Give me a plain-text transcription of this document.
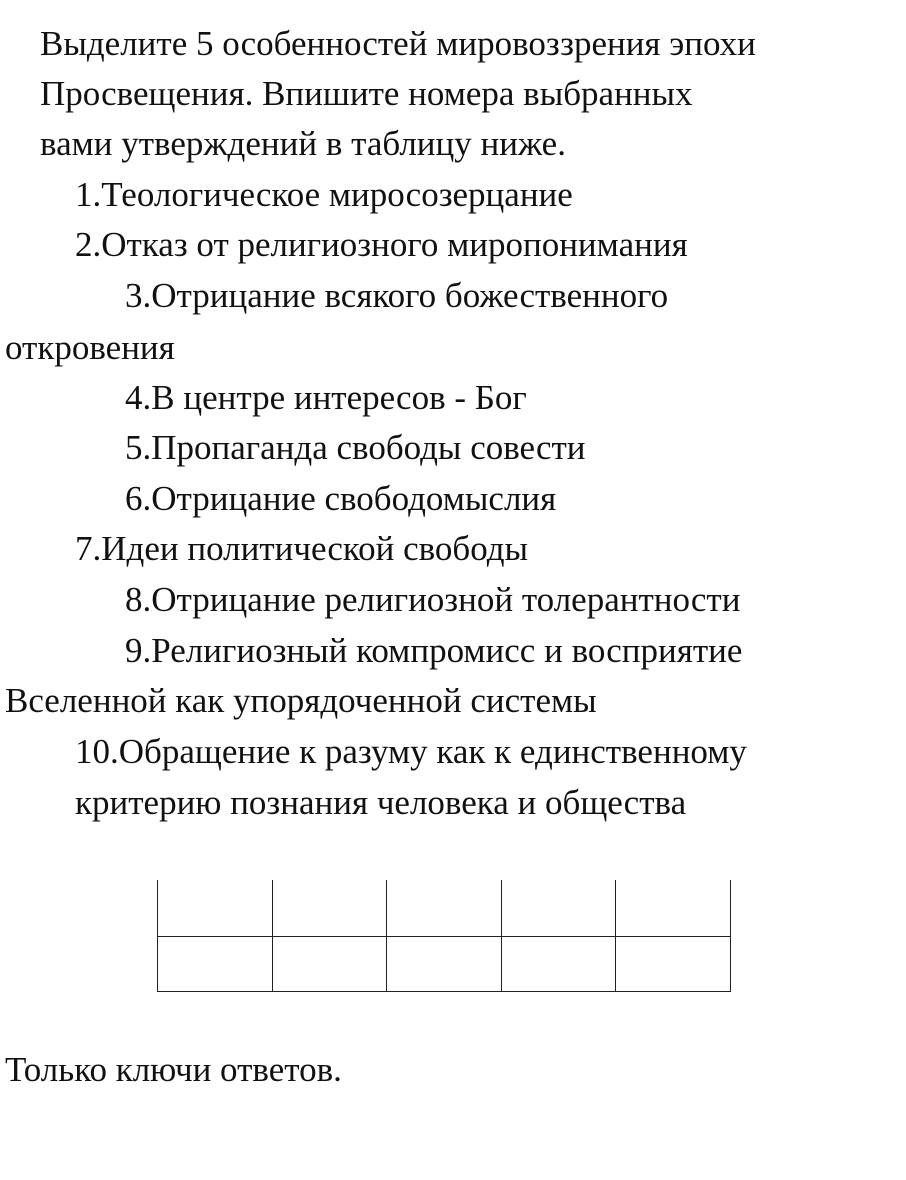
Выделите 5 особенностей мировоззрения эпохи
Просвещения. Впишите номера выбранных
вами утверждений в таблицу ниже.
1.Теологическое миросозерцание
2.Отказ от религиозного миропонимания
3.Отрицание всякого божественного
откровения
4.В центре интересов - Бог
5.Пропаганда свободы совести
6.Отрицание свободомыслия
7.Идеи политической свободы
8.Отрицание религиозной толерантности
9.Религиозный компромисс и восприятие
Вселенной как упорядоченной системы
10.Обращение к разуму как к единственному
критерию познания человека и общества
Только ключи ответов.
